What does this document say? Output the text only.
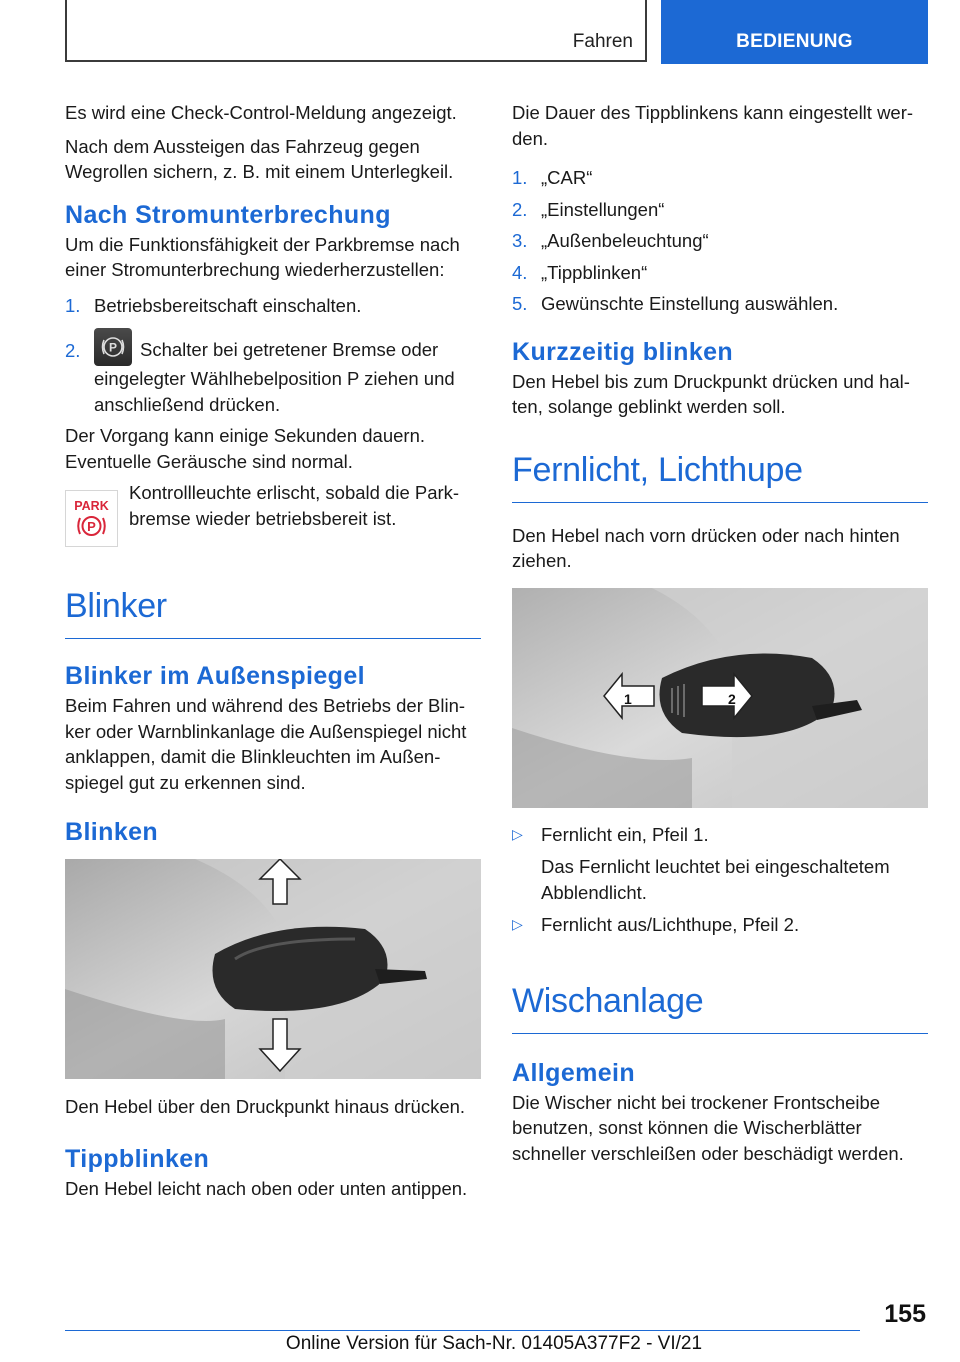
Fahren	BEDIENUNG

Es wird eine Check-Control-Meldung angezeigt.

Nach dem Aussteigen das Fahrzeug gegen Wegrollen sichern, z. B. mit einem Unterlegkeil.

Nach Stromunterbrechung

Um die Funktionsfähigkeit der Parkbremse nach einer Stromunterbrechung wiederherzustellen:

1. Betriebsbereitschaft einschalten.
2. P Schalter bei getretener Bremse oder eingelegter Wählhebelposition P ziehen und anschließend drücken.

Der Vorgang kann einige Sekunden dauern. Eventuelle Geräusche sind normal.

PARK
P

Kontrollleuchte erlischt, sobald die Parkbremse wieder betriebsbereit ist.

Blinker
Blinker im Außenspiegel

Beim Fahren und während des Betriebs der Blinker oder Warnblinkanlage die Außenspiegel nicht anklappen, damit die Blinkleuchten im Außenspiegel gut zu erkennen sind.

Blinken

Den Hebel über den Druckpunkt hinaus drücken.

Tippblinken

Den Hebel leicht nach oben oder unten antippen.

Die Dauer des Tippblinkens kann eingestellt werden.

1. „CAR“
2. „Einstellungen“
3. „Außenbeleuchtung“
4. „Tippblinken“
5. Gewünschte Einstellung auswählen.
Kurzzeitig blinken

Den Hebel bis zum Druckpunkt drücken und halten, solange geblinkt werden soll.

Fernlicht, Lichthupe

Den Hebel nach vorn drücken oder nach hinten ziehen.

1	2
▷ Fernlicht ein, Pfeil 1.
Das Fernlicht leuchtet bei eingeschaltetem Abblendlicht.
▷ Fernlicht aus/Lichthupe, Pfeil 2.
Wischanlage
Allgemein

Die Wischer nicht bei trockener Frontscheibe benutzen, sonst können die Wischerblätter schneller verschleißen oder beschädigt werden.

155
Online Version für Sach-Nr. 01405A377F2 - VI/21
